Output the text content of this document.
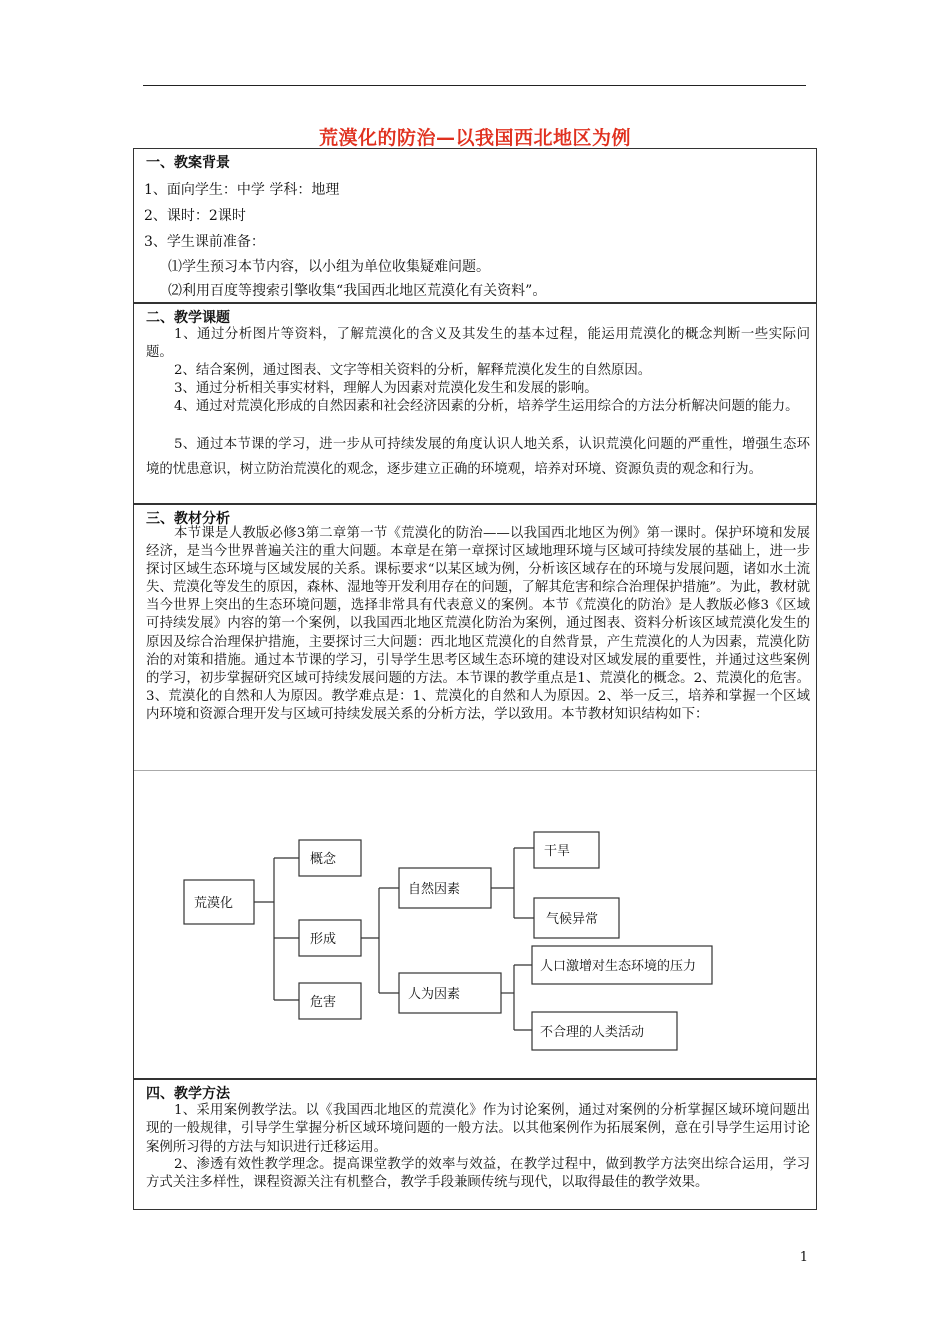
荒漠化的防治—以我国西北地区为例
一、教案背景
1、面向学生：中学 学科：地理
2、课时：2课时
3、学生课前准备：
⑴学生预习本节内容，以小组为单位收集疑难问题。
⑵利用百度等搜索引擎收集“我国西北地区荒漠化有关资料”。
二、教学课题
1、通过分析图片等资料，了解荒漠化的含义及其发生的基本过程，能运用荒漠化的概念判断一些实际问题。
2、结合案例，通过图表、文字等相关资料的分析，解释荒漠化发生的自然原因。
3、通过分析相关事实材料，理解人为因素对荒漠化发生和发展的影响。
4、通过对荒漠化形成的自然因素和社会经济因素的分析，培养学生运用综合的方法分析解决问题的能力。
5、通过本节课的学习，进一步从可持续发展的角度认识人地关系，认识荒漠化问题的严重性，增强生态环境的忧患意识，树立防治荒漠化的观念，逐步建立正确的环境观，培养对环境、资源负责的观念和行为。
三、教材分析
本节课是人教版必修3第二章第一节《荒漠化的防治——以我国西北地区为例》第一课时。保护环境和发展经济，是当今世界普遍关注的重大问题。本章是在第一章探讨区域地理环境与区域可持续发展的基础上，进一步探讨区域生态环境与区域发展的关系。课标要求“以某区域为例，分析该区域存在的环境与发展问题，诸如水土流失、荒漠化等发生的原因，森林、湿地等开发利用存在的问题，了解其危害和综合治理保护措施”。为此，教材就当今世界上突出的生态环境问题，选择非常具有代表意义的案例。本节《荒漠化的防治》是人教版必修3《区域可持续发展》内容的第一个案例，以我国西北地区荒漠化防治为案例，通过图表、资料分析该区域荒漠化发生的原因及综合治理保护措施，主要探讨三大问题：西北地区荒漠化的自然背景，产生荒漠化的人为因素，荒漠化防治的对策和措施。通过本节课的学习，引导学生思考区域生态环境的建设对区域发展的重要性，并通过这些案例的学习，初步掌握研究区域可持续发展问题的方法。本节课的教学重点是1、荒漠化的概念。2、荒漠化的危害。3、荒漠化的自然和人为原因。教学难点是：1、荒漠化的自然和人为原因。2、举一反三，培养和掌握一个区域内环境和资源合理开发与区域可持续发展关系的分析方法，学以致用。本节教材知识结构如下：
荒漠化
概念
形成
危害
自然因素
人为因素
干旱
气候异常
人口激增对生态环境的压力
不合理的人类活动
四、教学方法
1、采用案例教学法。以《我国西北地区的荒漠化》作为讨论案例，通过对案例的分析掌握区域环境问题出现的一般规律，引导学生掌握分析区域环境问题的一般方法。以其他案例作为拓展案例，意在引导学生运用讨论案例所习得的方法与知识进行迁移运用。
2、渗透有效性教学理念。提高课堂教学的效率与效益，在教学过程中，做到教学方法突出综合运用，学习方式关注多样性，课程资源关注有机整合，教学手段兼顾传统与现代，以取得最佳的教学效果。
1
